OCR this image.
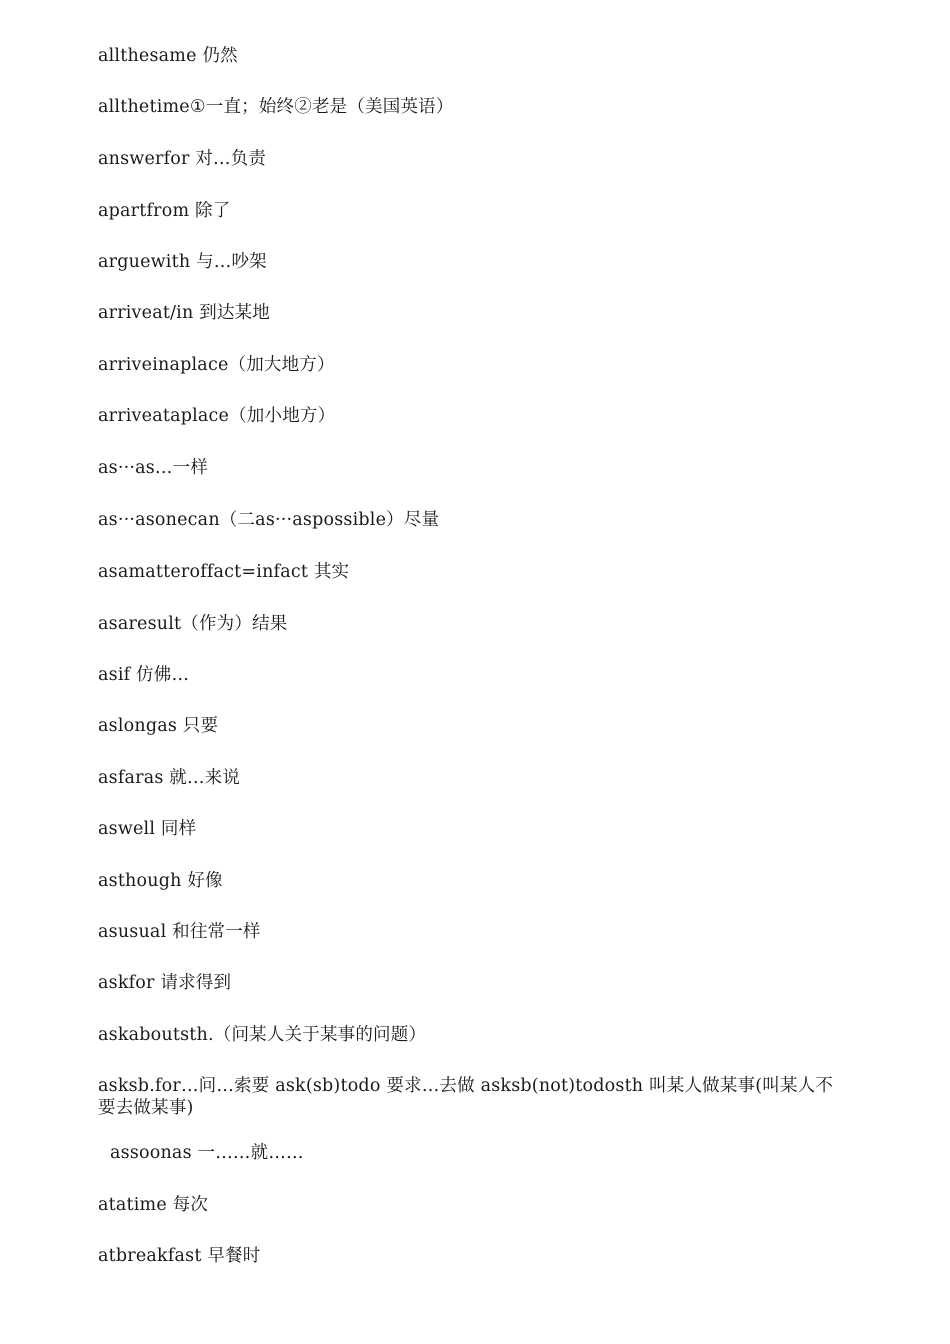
allthesame 仍然
allthetime①一直；始终②老是（美国英语）
answerfor 对…负责
apartfrom 除了
arguewith 与…吵架
arriveat/in 到达某地
arriveinaplace（加大地方）
arriveataplace（加小地方）
as···as…一样
as···asonecan（二as···aspossible）尽量
asamatteroffact=infact 其实
asaresult（作为）结果
asif 仿佛…
aslongas 只要
asfaras 就…来说
aswell 同样
asthough 好像
asusual 和往常一样
askfor 请求得到
askaboutsth.（问某人关于某事的问题）
asksb.for…问…索要 ask(sb)todo 要求…去做 asksb(not)todosth 叫某人做某事(叫某人不要去做某事)
assoonas 一……就……
atatime 每次
atbreakfast 早餐时
